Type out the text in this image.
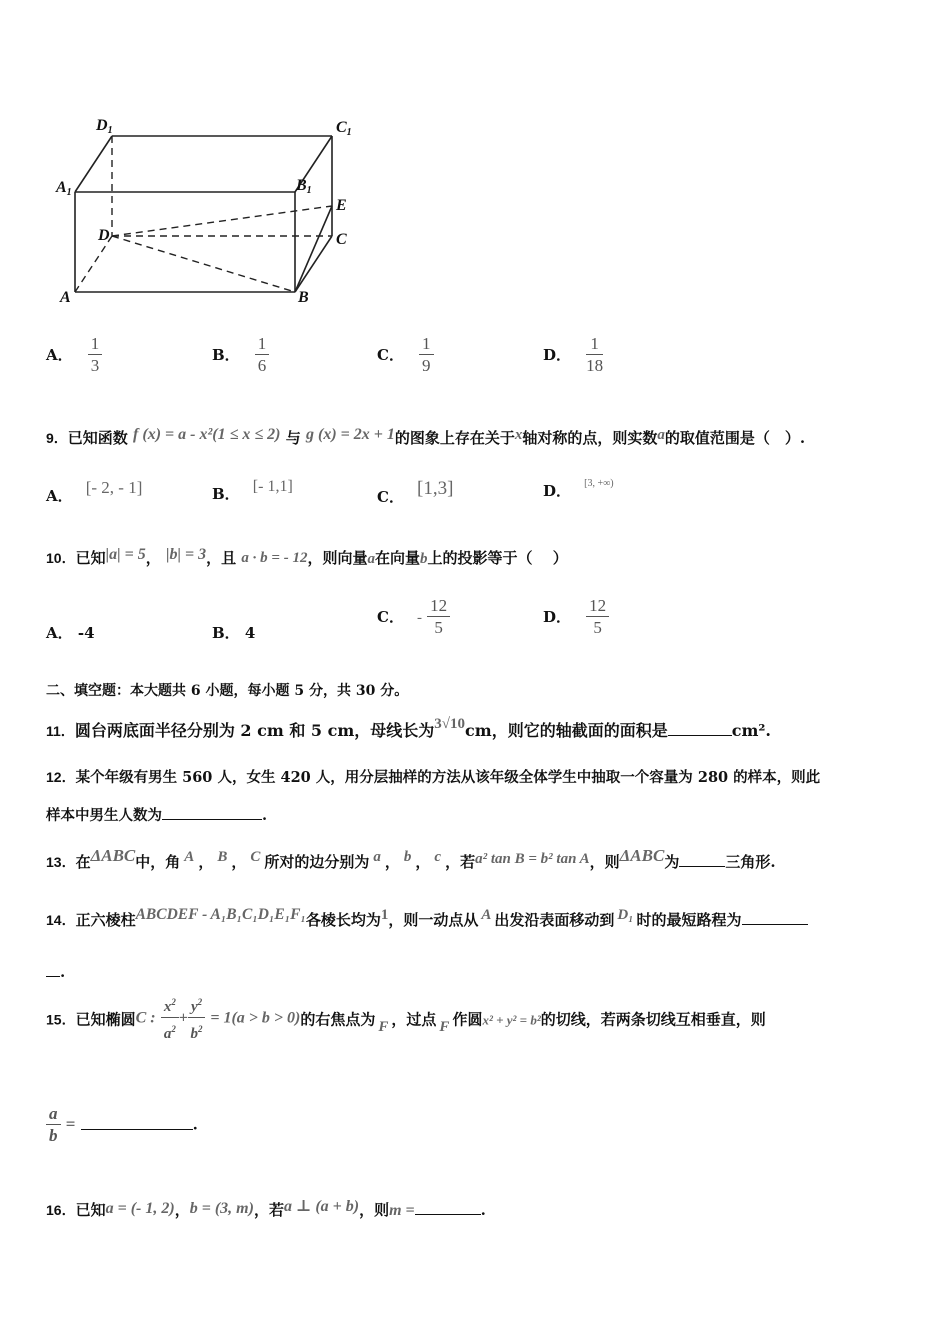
D1	C1
A1	B1
E
D	C
A	B
A． $\frac{1}{3}$	B． $\frac{1}{6}$	C． $\frac{1}{9}$	D． $\frac{1}{18}$
9．已知函数 f (x) = a - x²(1 ≤ x ≤ 2) 与 g (x) = 2x + 1的图象上存在关于x轴对称的点，则实数a的取值范围是（　）.
A． [- 2, - 1]	B． [- 1,1]
C． [1,3]	D． $^{[3, +\infty)}$
10．已知|a| = 5， |b| = 3，且 a · b = - 12，则向量a在向量b上的投影等于（　 ）
A． -4	B． 4
C． - $\frac{12}{5}$	D． $\frac{12}{5}$
二、填空题：本大题共 6 小题，每小题 5 分，共 30 分。
11．圆台两底面半径分别为 2 cm 和 5 cm，母线长为3√10cm，则它的轴截面的面积是	cm².
12．某个年级有男生 560 人，女生 420 人，用分层抽样的方法从该年级全体学生中抽取一个容量为 280 的样本，则此
样本中男生人数为	.
13．在ΔABC中，角 A ， B ， C 所对的边分别为 a ， b ， c ，若a² tan B = b² tan A，则ΔABC为	三角形.
14．正六棱柱ABCDEF - A₁B₁C₁D₁E₁F₁各棱长均为1，则一动点从 A 出发沿表面移动到 D₁ 时的最短路程为
.
15．已知椭圆C : $\frac{x^2}{a^2} + \frac{y^2}{b^2} = 1(a > b > 0)$的右焦点为 F ，过点 F 作圆x² + y² = b²的切线，若两条切线互相垂直，则
$\frac{a}{b}$ =	.
16．已知a = (- 1, 2)，b = (3, m)，若a ⊥ (a + b)，则m =	.
